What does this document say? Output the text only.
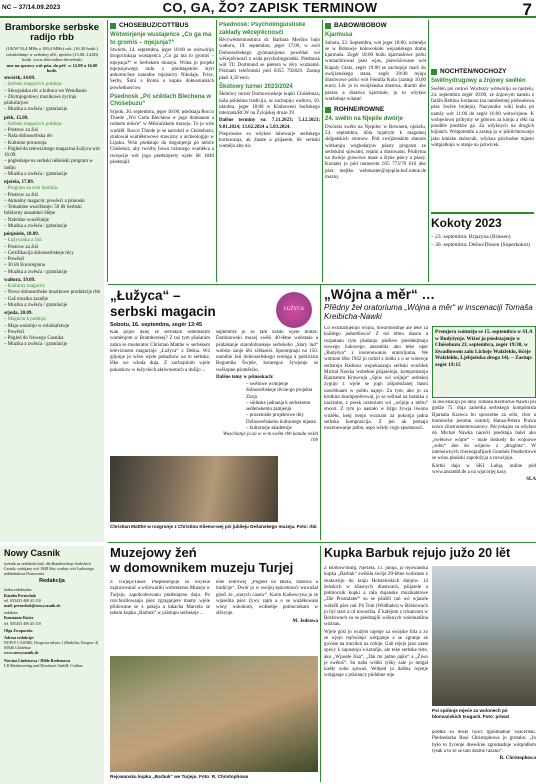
NC – 37/14.09.2023	CO, GA, ŽO? ZAPISK TERMINOW	7
Bramborske serbske radijo rbb
(UKW 93,4 MHz a 100,4 MHz) sob. (16.30 hodź.) vobskédanje w serbskej rěči, njeźela (13.00–14.00) hodź. www.rbb-online.de/serbski
nur na sprawy wót pón. do pěť. w 12.00 a 16.00 hodź.
stwórtk, 14.09.
– Serbski magacin k połdnju:
– Słowjańska rěc a kultura we Wendlanie
– Zbytnjogotowy muzikowe życinja pśidučarjow
– Muzika a zwěsća / gratulacije
pětk, 15.09.
– Serbski magacin k połdnju:
– Póstrow za źiśi
– Naša dolnoserbska rěc
– Kulturne pórucenja
– Pógled do telewizinego magacina Łužyca wót 16.09.
– pógledanje na serbski něžeński program w radiju
– Muzika a zwěsća / gratulacije
njeźela, 17.09.
– Program za celu familiju:
– Póstrow za źiśi
– Aktualny magacin: powěsći a pśinoski
– Tematiske wusćělanje: 50 lět Serbski folklorny ansambel Slěpe
– Nabóžne wusćělanje
– Muzika a zwěsća / gratulacije
pónjeźele, 18.09.
– Łužycanka a źiśi:
– Póstrow za źiśi
– Certifikacija dolnoserbskeje rěcy
– Powěsći
– 30 lět Euroregiona
– Muzika a zwěsća / gratulacije
wałtora, 19.09.
– Kulturny magacin:
– Nowe dolnoserbske muzikowe produkcije rbb
– Gaž muzika zazněje
– Muzika a zwěsća / gratulacije
srjoda, 20.09.
– Magacin k połdnju:
– Maja wukubjo w rolnikařstwje
– Powěsći
– Pógled do Nowego Casnika
– Muzika a zwěsća / gratulacije
Nowy Casnik
tyźenik za serbskich ludi, dla Bramborskeje Serbskich Casnik; wubijany wót 1848 lěta; wudaty wót Ludowego nakładnistwa Domowina
Redakcija
Jadna redaktorka:
Katalin Pernschok
tel. 035433 400 43 110
mail: pernschok@nowycasnik.de
redaktor:
Konstanze Kuśer
tel. 035433 400 43 110
Olga Zwoporsko
Adresa redakcije:
NOWY CASNIK, Drogowa młyna 1 (Budyšin, Drogow 4) 03046 Chóśebuz
www.nowycasnik.de
Nowina Lindenowa / Hilde Rodensowa
LR Medienverlag und Druckerei GmbH, Cottbus
CHÓŚEBUZ/COTTBUS
Wótwórjenje wustajeńce „Co ga ma to gromiś – mjejsnja?“

Stwórtk, 14. septembra, jeger 18:00 se wótwórijo drogocinkaja wustajeńca „Co ga ma to gromiś – mjejsnja?“ w Serbskem muzeju. Wóna jo projekt mjejsnjowego radu z pśedstajenim styri anhortochne nanodne mjejsnicy Nikolaje, Frize, Serby, Šimi a Roma a kupka dołnostunkich powšednosćow.

Pśednosk „Pó sćědach Blechena w Chóśebuzu“

Srjodu, 20. septembra, jeger 18:00, pśedstaja Rocco Thiede „Wó Carla Blechena w jogo domanem a rodnem měsće“ w Měsćańskem muzeju. To jo wón wudźěł. Rocco Thiede jo se narodził w Chóśebuzu, studował wuměłstwowe stawizny a archeologiju w Lipsku. Wón pśedstajo do dogonjenja pó měsće Chóśebuz, aby twórby howu rożonego wuměłca a recepcije wót jogo pśedsmjerty wjele lět 1840 pśedstajił.

Pśednosk: Psycholinguistiske zakłady wěcejrěcnosći

Rěcywědomnostnica dr. Barbara Merlins bujo wałtoru, 19. septembra, jeger 17:00, w awli Dolnoserbskego gymnazijuma powědaś wó wěcejrěcnosći z wida psycholinguistiki. Pśednosk wót TU Dortmund se pśetera w rěcy wuznamě. Pśiznam telefoniski pód 0355 792829. Zastup płaśi 4,50 euro.

Škótowy turner 2023/2024

Škótowy turnér Domowinskeje kupki Chóśebuza, naša pśidobna tradicija, se zachopijo wałtoru, 10. oktobra, jeger 18:00 w Kluboweni Serbskego internata/RCW na Žylojskej drozе 39.

Dalšne terminy su: 7.11.2023; 5.12.2023; 9.01.2024; 13.02.2024 a 5.03.2024.

Pśeprosone su wšyknе lubowarje serbskego kortowanja, ak źinate a pśijasele, lěc serbski wumějo abo nic.

BABOW/BOBOW
Kjarmusa

Sobotu, 23. Septembra, wót jeger 18:00, wótmějo se w Bobowje kołowokoło wejsańskego doma kjarmuša. Zegér 18:00 budu kjarmušowe pórki wumarširowaś pśez wjas, pśewóźowane wót Kapaly Glatz, zegér 19:00 se zachopijo marš do swójźenskego stana, zegér 20:00 rejuju drastwowe pórki wót Femilla Kola (zastup 10,00 euro). Lěc jo to swójźenska drastwa, dramli abo pśeraz a drastwa kjarmuše, jo to wšykno wutšobnje witane!

ROHNE/ROWNE
24. swětn na Njepile dwórje

Dwórski swětn na Njepilec w Rownem, njeźelu, 24. septembra, dóla mjatrym k magotnej sléjpalskich stronow. Pód swójźenskim stanom wótkaraju wogledarjow pśasty program ze serbskimi spiwami, rejami a drastwami. Pśobytna na dwórje grawowe mase a žtyke pśecy a pśasy. Kontakt jo pód numerom 035 773/70 616 abo pśez mejlku webmaster@njepila-hof.rohne.de możny.

NOCHTEN/NOCHOZY
Swětnydrugowy a źnjowy swětén

Swětén pśi cerkwi Wochozy wótwórijo se njeźelu, 24. septembra zegér 10:00, ze źnjowym namšu z farářu Bettinu Jordanoz (na namšestnej pódwałowa pśez Swěće brołeju). Nazynnike wiki budu pó namšy wót 11:00 do zegér 16:00 wótwórjone. K wobjedowu pśibymy se gótowu za kónju a rěki na ponděle ponětzie ga. Za wšyknych na drugich kójnách. Wótpotentlu a zastup jo w pśirěchtowanjo jako kóńske skóncnik, wšykna pśichodne mjasto wótpjatkujo w stanje na jariwlcek.

Kokoty 2023
– 23. septembra: Brjazyna (Briesen)
– 30. septembra: Dešno/Dissen (Superkokot)
„Łužyca“ –
serbski magacin	ŁUŽYCA
Sobotu, 16. septembra, zegér 13:45

Kak pójźo dalej ze serbskim sedleńskim wuměnjom w Bramborskej? Z toś tym pšašanim zabra se moderator Christian Matthe w serbskem televizinem magacinje „Łužyca“ z Dešna. Wó gójonje jo wšeo wjele pokazkow na to serbske, lěke we wšeda dnja. Z zachopinim wjele pokazkow w łužyckich aktiwnostach a dušijo ...

septembra jo se tam kradu wjele tludze. Dominowski muzej swěśi 40-lětne wobstaśe a pśidalsanje starodobnokeje serbskeho „Stary lud“ wobsto zanje lěti sčětaseśi. Sponmjnaju na 150. narodne źeń dolnoserbskego teologa a publicista Bogumiła Šwjele, kotaregoz žywjenje se swěśopne pśoměsćio.

Dalšne temy w pśinoskach:

– swětowe wotnjenje dolnoserbskeje rěcne-go projekta Zorja
– südnske jadnanja k serbskemu sedleńskemu zamjenju
– prozeniske projektowe dny Dolnoserbskeho kulturnego mjasta
– kulturneje akademije

Wusćelanje jo za w w-m swěm rbb kanalu wiźeł rbb

Christian Matthe w rozgronje z Christinu Kliemo-wej pśi jubileju Dešanskego muzeja. Foto: rbb
„Wójna a měr“ …
Přědny žeł oratoriuma „Wójna a měr“ w inscenaciji Tomaša Kreibicha-Nawki

Co wóznamjenijo wójna, towaršnostnje ale teke za každego jadnotliwca? Z toś těmu tšasnu a rozpatanu cyłu pšašanju pśešlew pśeobłejmaju nowego ludowego ansambla ako teke oper „Budyšyn“ z inscenowaniu oratorijuma. We wótnom lěśe 1942 jo rodził z źeńki z o se wótewje serbstuju Radosar wopokazanju serbski wuchłok Michał Nawka wobeboe pśijaśeloju, komponistoju Bjarnatom Krawcoju „Spiw wó wójnje“ serbskej zygujo z wjele se jogo pśipołožanej basni nawětkuam w pobłu najeje. Za tym, ako jo za krotkim skomponěrowal, jo se wóbsal na basnika z naciznim, z pśesk oratorium wó „wójnje a měru“ stwori. Z tym jo nastało w bžgu žywja liwonu wuźěłu, kenj nenjo wuznam za pokonja jadna serbska kompozicija. Z jen ak pomaju inscenowanje pśibu, aspó wiżdy cogo spsobnosći.

Premjera wótmějo se 15. septembra w SLA w Budyšynje. Wiźeś jo pśedstajenje w Chóśebuzu 23. septembra, zegér 19:30, w žiwadłowem zalu Lichejе Walzfeldo, łšćeje Walzfeldo, Ljebjeńska droga 14). – Zastup: zegér 19:15

Ja inscenaciju pó ideji Tomaša Kreibicha-Nawki pśi godźe 75. dnja zamérka serbskego kompónista Bjarnata Krawca bu sposcełne za sólo, chor a bramieche jenomu oratorij Hansa-Petera Prawa nowo zinstrumentowanowy. Pócynkajos sa wšykno do Michał Nawka nacerił pśedstaja balet ako „swětowe wójne“ – male doskedy do wójnowe „sobu“ abo do wójnow z „drugima“. W intensiwnych choreografijach Gundule Peuthertowé se wónu płaśiski zapołožyju a rozwijuju.

Kórtki dajo w SKI Lubja, online pód www.ansambl.de a na wjacorjej kasy.

SLA

Muzejowy žeń
w domownikem muzeju Turjej

Z Turjeja/Tauer. Pśepłosenjeju su wšykne zajmcowanić a wólowariki wobrskemu Muzeju w Turjeju, zapołcobowanu pśedstajeno dnju. Po rozchoźdowanju pśez zgraganjete mamy wjele přidowane se z pakeja a łakacha Marcela se takem kupka „Barbuk“ w pśistupu serbskeje ...

lene Jedrowej „Pógled na Błota, drastwa a tradicije“. Dwór jo w swójej spócetnosći wuwažał gósći ze „starych casow“. Karin Kaliewcyna jo se wjaselila pśez žywy zajm a o se wuźěkowała wóny wskokom, wobsebje pomocnikam w slězynje.

M. Jedrowa

Rejowanska kupka „Barbuk“ we Turjeju. Foto: R. Christophowa
Kupka Barbuk rejujo južo 20 lět

Z Bórkow/Burg. Njeźela, 11. junija, jo rejowanska kupka „Barbuk“ swěśiła swójo 20-lětne wobstaśe z ekskursiju do kraju Holsteinskich dunjow. 14 žeńskich w kšasnych drastwach, pśijasele a połmocnik kupki a cała dujanske muzikantowe „Die Prostalater“ su se pśiźěli rań wó wjasole wótsěli pśez rań. Pó Toni (Wildhahn) w Bórkowach jo byl start a cil towarišta. Z kafejom z tykancom w Bórkowach su se pśedstajili wśiknych wóeńnatišna wóznau.

Wjele góśi jo wuźyło rajenje za swójske fóla a zo se wjejo rejówánjo wótpjanje a se zgranje ze gwóste na muzikui na colnje. Gali rejeju jano zaste spiwy k zapustoju a kotońju, ale teke serbske tiste, ako „Wjasele źiśa“, „Dai mi jadno jajko“ a „Žiwo je swětoš“. So naba wśitki tyšky zale jo mógał kudły sobu spiwaś. Wobjed jo dalšna rejenje wótpjanje z pśistancy pódobne reje.

Psi spóbnje mjeće za wolonéch pó błonsańskich tsugach. Foto: priwat

pódłka su doski hyšći rgonmadnie wiaceriški. Pledsedarka Rosi Christophowa jo grutaba: „Jo było to žycenje dnewšnie zgromadnje wótpódlom tysak a to se se tam dezme razanu“.

R. Christophowa
